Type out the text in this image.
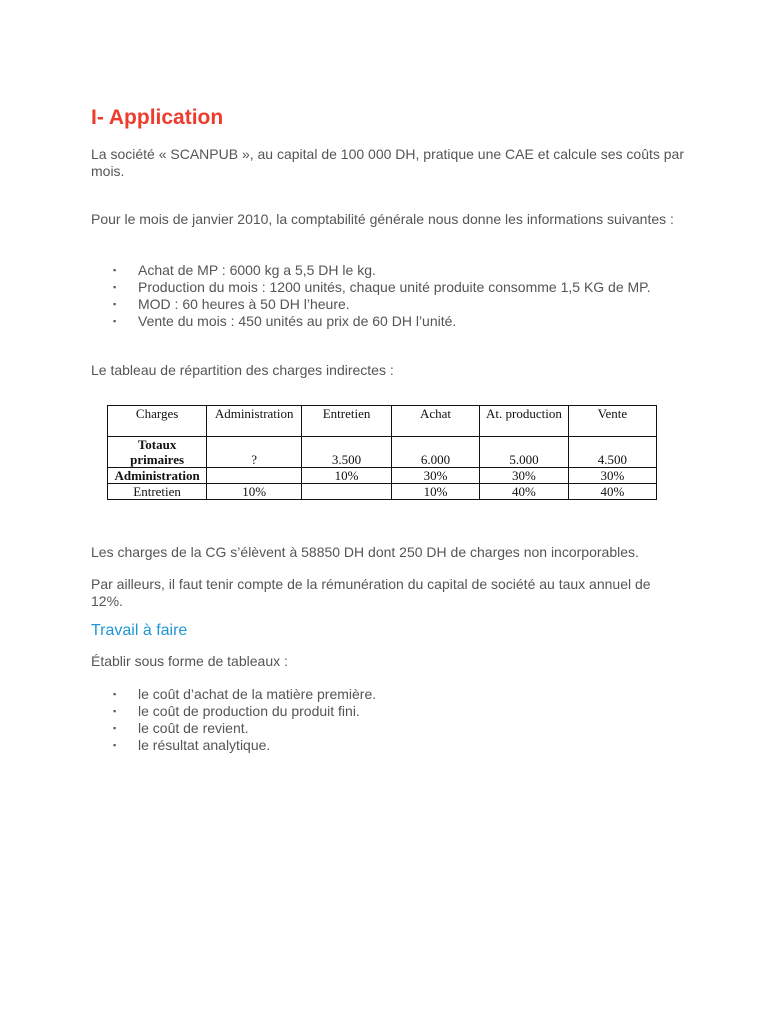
I- Application

La société « SCANPUB », au capital de 100 000 DH, pratique une CAE et calcule ses coûts par
mois.

Pour le mois de janvier 2010, la comptabilité générale nous donne les informations suivantes :

▪ Achat de MP : 6000 kg a 5,5 DH le kg.
▪ Production du mois : 1200 unités, chaque unité produite consomme 1,5 KG de MP.
▪ MOD : 60 heures à 50 DH l’heure.
▪ Vente du mois : 450 unités au prix de 60 DH l’unité.

Le tableau de répartition des charges indirectes :

Charges	Administration	Entretien	Achat	At. production	Vente
Totaux primaires	?	3.500	6.000	5.000	4.500
Administration		10%	30%	30%	30%
Entretien	10%		10%	40%	40%

Les charges de la CG s’élèvent à 58850 DH dont 250 DH de charges non incorporables.

Par ailleurs, il faut tenir compte de la rémunération du capital de société au taux annuel de 12%.

Travail à faire

Établir sous forme de tableaux :

▪ le coût d’achat de la matière première.
▪ le coût de production du produit fini.
▪ le coût de revient.
▪ le résultat analytique.
